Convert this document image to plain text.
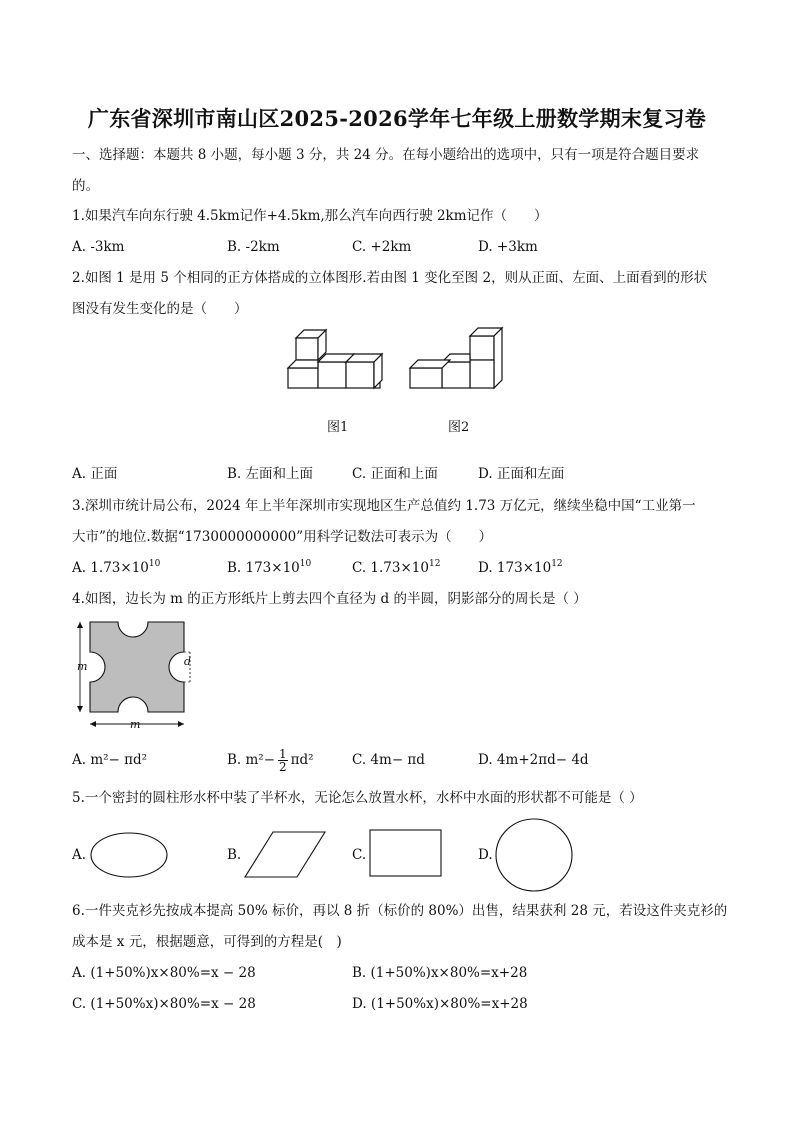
广东省深圳市南山区2025-2026学年七年级上册数学期末复习卷
一、选择题：本题共 8 小题，每小题 3 分，共 24 分。在每小题给出的选项中，只有一项是符合题目要求
的。
1.如果汽车向东行驶 4.5km记作+4.5km,那么汽车向西行驶 2km记作（　　）
A. -3km	B. -2km	C. +2km	D. +3km
2.如图 1 是用 5 个相同的正方体搭成的立体图形.若由图 1 变化至图 2，则从正面、左面、上面看到的形状
图没有发生变化的是（　　）
图1	图2
A. 正面	B. 左面和上面	C. 正面和上面	D. 正面和左面
3.深圳市统计局公布，2024 年上半年深圳市实现地区生产总值约 1.73 万亿元，继续坐稳中国“工业第一
大市”的地位.数据“1730000000000”用科学记数法可表示为（　　）
A. $1.73\times 10^{10}$	B. $173\times 10^{10}$	C. $1.73\times 10^{12}$	D. $173\times 10^{12}$
4.如图，边长为 m 的正方形纸片上剪去四个直径为 d 的半圆，阴影部分的周长是（ ）
m
m
d
A. m²− πd²	B. $m^2- \frac{1}{2} \pi d^2$	C. 4m− πd	D. 4m+2πd− 4d
5.一个密封的圆柱形水杯中装了半杯水，无论怎么放置水杯，水杯中水面的形状都不可能是（ ）
A.	B.	C.	D.
6.一件夹克衫先按成本提高 50% 标价，再以 8 折（标价的 80%）出售，结果获利 28 元，若设这件夹克衫的
成本是 x 元，根据题意，可得到的方程是(　)
A. (1+50%)x×80%=x − 28	B. (1+50%)x×80%=x+28
C. (1+50%x)×80%=x − 28	D. (1+50%x)×80%=x+28
